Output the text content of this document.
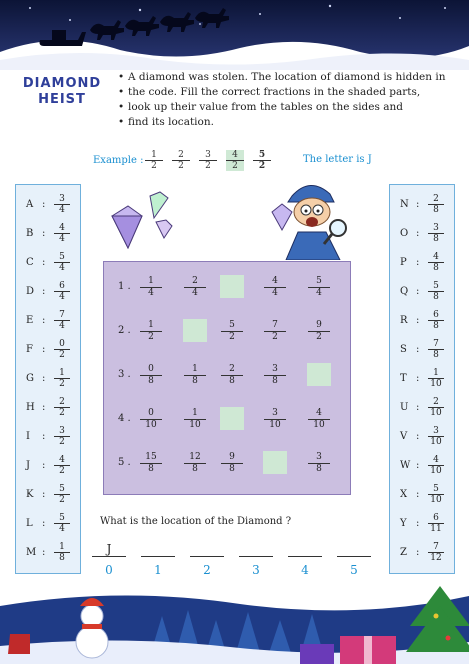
DIAMOND
HEIST
• A diamond was stolen. The location of diamond is hidden in
• the code. Fill the correct fractions in the shaded parts,
• look up their value from the tables on the sides and
• find its location.
Example : $\frac{1}{2} \frac{2}{2} \frac{3}{2} \frac{4}{2} \frac{5}{2}$	The letter is J
A : $\frac{3}{4}$
B : $\frac{4}{4}$
C : $\frac{5}{4}$
D : $\frac{6}{4}$
E : $\frac{7}{4}$
F : $\frac{0}{2}$
G : $\frac{1}{2}$
H : $\frac{2}{2}$
I : $\frac{3}{2}$
J : $\frac{4}{2}$
K : $\frac{5}{2}$
L : $\frac{5}{4}$
M : $\frac{1}{8}$
N : $\frac{2}{8}$
O : $\frac{3}{8}$
P : $\frac{4}{8}$
Q : $\frac{5}{8}$
R : $\frac{6}{8}$
S : $\frac{7}{8}$
T : $\frac{1}{10}$
U : $\frac{2}{10}$
V : $\frac{3}{10}$
W : $\frac{4}{10}$
X : $\frac{5}{10}$
Y : $\frac{6}{11}$
Z : $\frac{7}{12}$
1 . $\frac{1}{4} \frac{2}{4}$	$\frac{4}{4} \frac{5}{4}$
2 . $\frac{1}{2}$	$\frac{5}{2} \frac{7}{2} \frac{9}{2}$
3 . $\frac{0}{8} \frac{1}{8} \frac{2}{8} \frac{3}{8}$
4 . $\frac{0}{10} \frac{1}{10}$	$\frac{3}{10} \frac{4}{10}$
5 . $\frac{15}{8} \frac{12}{8} \frac{9}{8}$	$\frac{3}{8}$
What is the location of the Diamond ?
J
0	1	2	3	4	5
